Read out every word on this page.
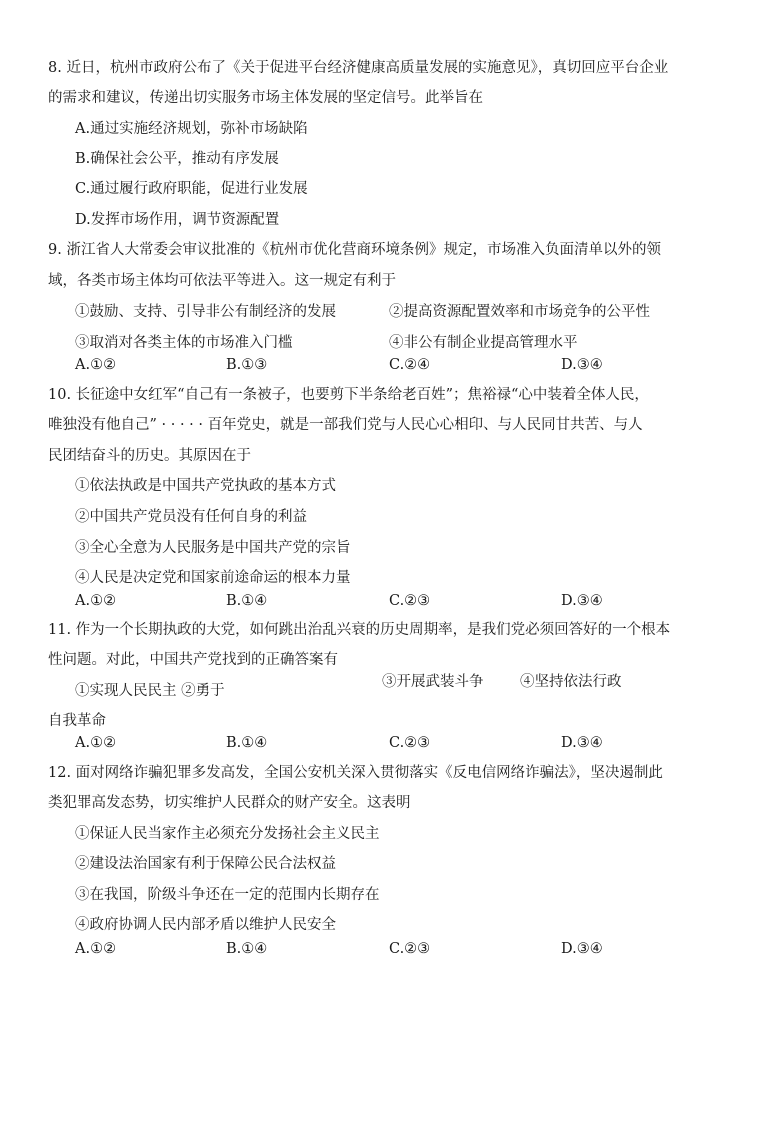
8. 近日，杭州市政府公布了《关于促进平台经济健康高质量发展的实施意见》，真切回应平台企业
的需求和建议，传递出切实服务市场主体发展的坚定信号。此举旨在
A.通过实施经济规划，弥补市场缺陷
B.确保社会公平，推动有序发展
C.通过履行政府职能，促进行业发展
D.发挥市场作用，调节资源配置
9. 浙江省人大常委会审议批准的《杭州市优化营商环境条例》规定，市场准入负面清单以外的领
域，各类市场主体均可依法平等进入。这一规定有利于
①鼓励、支持、引导非公有制经济的发展	②提高资源配置效率和市场竞争的公平性
③取消对各类主体的市场准入门槛	④非公有制企业提高管理水平
A.①②	B.①③	C.②④	D.③④
10. 长征途中女红军“自己有一条被子，也要剪下半条给老百姓”；焦裕禄“心中装着全体人民，
唯独没有他自己” · · · · · 百年党史，就是一部我们党与人民心心相印、与人民同甘共苦、与人
民团结奋斗的历史。其原因在于
①依法执政是中国共产党执政的基本方式
②中国共产党员没有任何自身的利益
③全心全意为人民服务是中国共产党的宗旨
④人民是决定党和国家前途命运的根本力量
A.①②	B.①④	C.②③	D.③④
11. 作为一个长期执政的大党，如何跳出治乱兴衰的历史周期率，是我们党必须回答好的一个根本
性问题。对此，中国共产党找到的正确答案有
①实现人民民主 ②勇于
③开展武装斗争	④坚持依法行政
自我革命
A.①②	B.①④	C.②③	D.③④
12. 面对网络诈骗犯罪多发高发，全国公安机关深入贯彻落实《反电信网络诈骗法》，坚决遏制此
类犯罪高发态势，切实维护人民群众的财产安全。这表明
①保证人民当家作主必须充分发扬社会主义民主
②建设法治国家有利于保障公民合法权益
③在我国，阶级斗争还在一定的范围内长期存在
④政府协调人民内部矛盾以维护人民安全
A.①②	B.①④	C.②③	D.③④
